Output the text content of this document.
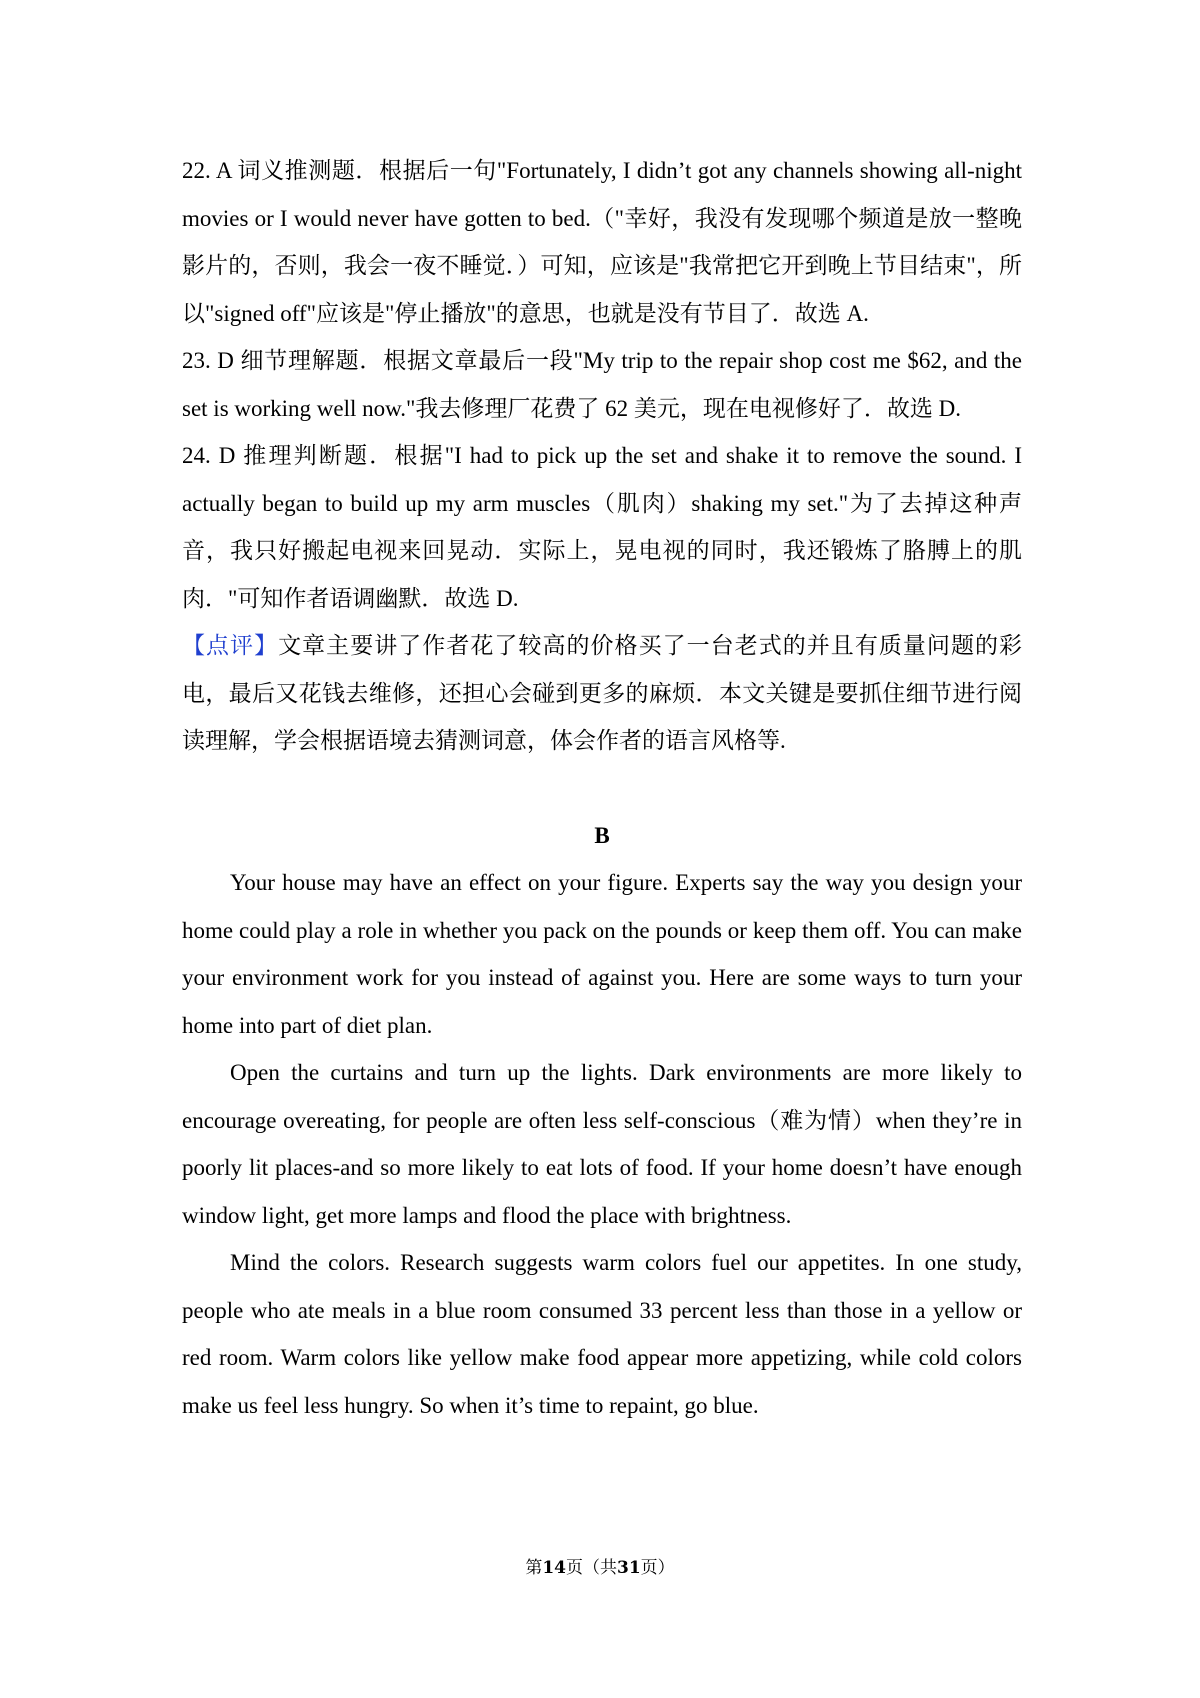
22. A 词义推测题．根据后一句"Fortunately, I didn’t got any channels showing all-night movies or I would never have gotten to bed.（"幸好，我没有发现哪个频道是放一整晚影片的，否则，我会一夜不睡觉．）可知，应该是"我常把它开到晚上节目结束"，所以"signed off"应该是"停止播放"的意思，也就是没有节目了．故选 A.

23. D 细节理解题．根据文章最后一段"My trip to the repair shop cost me $62, and the set is working well now."我去修理厂花费了 62 美元，现在电视修好了．故选 D.

24. D 推理判断题．根据"I had to pick up the set and shake it to remove the sound. I actually began to build up my arm muscles（肌肉）shaking my set."为了去掉这种声音，我只好搬起电视来回晃动．实际上，晃电视的同时，我还锻炼了胳膊上的肌肉．"可知作者语调幽默．故选 D.

【点评】文章主要讲了作者花了较高的价格买了一台老式的并且有质量问题的彩电，最后又花钱去维修，还担心会碰到更多的麻烦．本文关键是要抓住细节进行阅读理解，学会根据语境去猜测词意，体会作者的语言风格等.

B

Your house may have an effect on your figure. Experts say the way you design your home could play a role in whether you pack on the pounds or keep them off. You can make your environment work for you instead of against you. Here are some ways to turn your home into part of diet plan.

Open the curtains and turn up the lights. Dark environments are more likely to encourage overeating, for people are often less self-conscious（难为情）when they’re in poorly lit places-and so more likely to eat lots of food. If your home doesn’t have enough window light, get more lamps and flood the place with brightness.

Mind the colors. Research suggests warm colors fuel our appetites. In one study, people who ate meals in a blue room consumed 33 percent less than those in a yellow or red room. Warm colors like yellow make food appear more appetizing, while cold colors make us feel less hungry. So when it’s time to repaint, go blue.

第14页（共31页）
